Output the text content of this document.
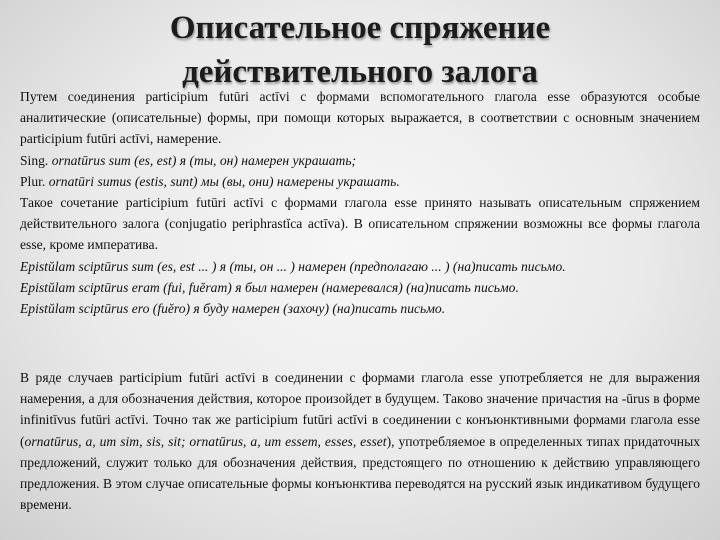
Описательное спряжение
действительного залога

Путем соединения participium futūri actīvi с формами вспомогательного глагола esse образуются особые аналитические (описательные) формы, при помощи которых выражается, в соответствии с основным значением participium futūri actīvi, намерение.

Sing. ornatūrus sum (es, est) я (ты, он) намерен украшать;

Plur. ornatūri sumus (estis, sunt) мы (вы, они) намерены украшать.

Такое сочетание participium futūri actīvi с формами глагола esse принято называть описательным спряжением действительного залога (conjugatio periphrastĭca actīva). В описательном спряжении возможны все формы глагола esse, кроме императива.

Epistŭlam sciptūrus sum (es, est ... ) я (ты, он ... ) намерен (предполагаю ... ) (на)писать письмо.

Epistŭlam sciptūrus eram (fui, fuĕram) я был намерен (намеревался) (на)писать письмо.

Epistŭlam sciptūrus ero (fuĕro) я буду намерен (захочу) (на)писать письмо.

В ряде случаев participium futūri actīvi в соединении с формами глагола esse употребляется не для выражения намерения, а для обозначения действия, которое произойдет в будущем. Таково значение причастия на -ūrus в форме infinitīvus futūri actīvi. Точно так же participium futūri actīvi в соединении с конъюнктивными формами глагола esse (ornatūrus, a, um sim, sis, sit; ornatūrus, a, um essem, esses, esset), употребляемое в определенных типах придаточных предложений, служит только для обозначения действия, предстоящего по отношению к действию управляющего предложения. В этом случае описательные формы конъюнктива переводятся на русский язык индикативом будущего времени.
